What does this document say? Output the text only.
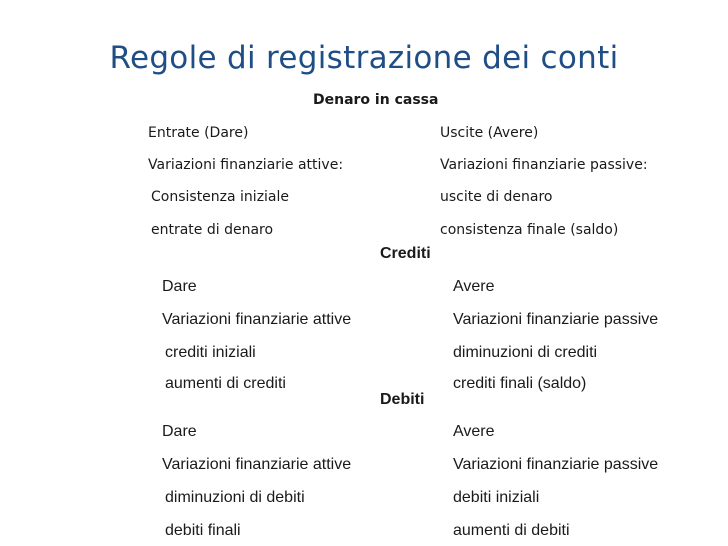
Regole di registrazione dei conti
Denaro in cassa
Entrate (Dare)
Variazioni finanziarie attive:
Consistenza iniziale
entrate di denaro
Uscite (Avere)
Variazioni finanziarie passive:
uscite di denaro
consistenza finale (saldo)
Crediti
Dare
Variazioni finanziarie attive
crediti iniziali
aumenti di crediti
Avere
Variazioni finanziarie passive
diminuzioni di crediti
crediti finali (saldo)
Debiti
Dare
Variazioni finanziarie attive
diminuzioni di debiti
debiti finali
Avere
Variazioni finanziarie passive
debiti iniziali
aumenti di debiti
